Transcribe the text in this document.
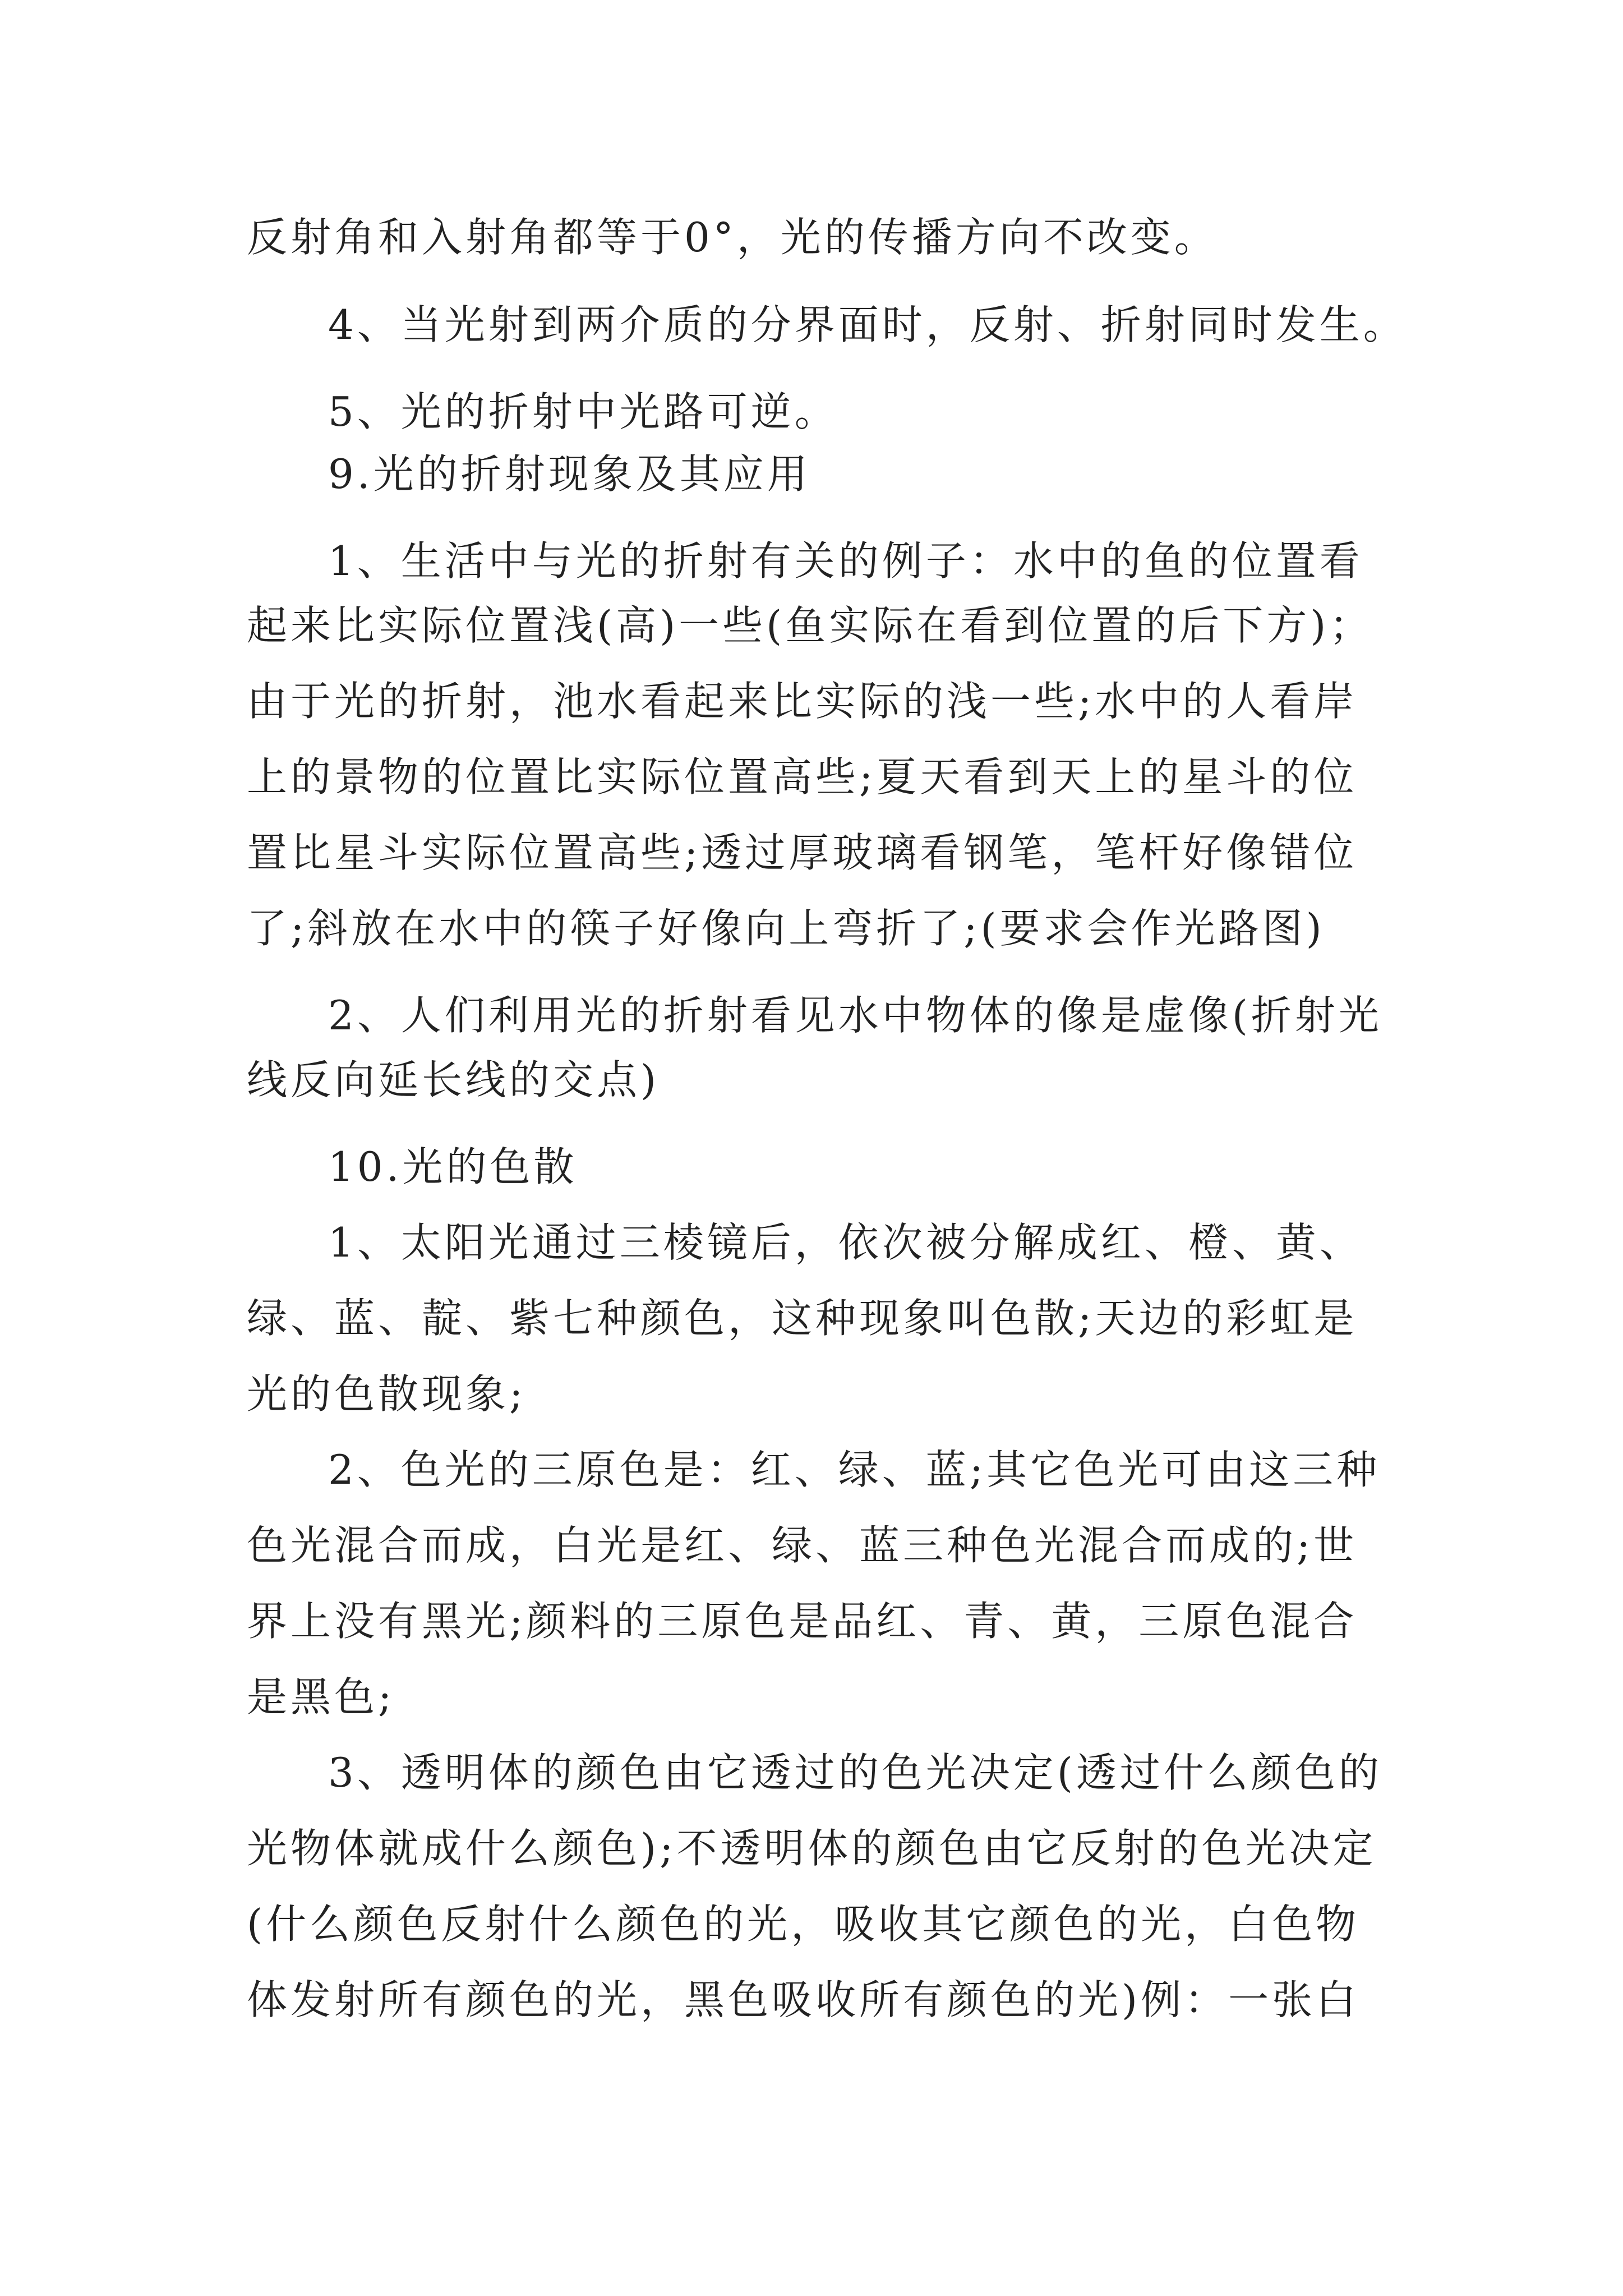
反射角和入射角都等于0°，光的传播方向不改变。
4、当光射到两介质的分界面时，反射、折射同时发生。
5、光的折射中光路可逆。
9.光的折射现象及其应用
1、生活中与光的折射有关的例子：水中的鱼的位置看
起来比实际位置浅(高)一些(鱼实际在看到位置的后下方)；
由于光的折射，池水看起来比实际的浅一些;水中的人看岸
上的景物的位置比实际位置高些;夏天看到天上的星斗的位
置比星斗实际位置高些;透过厚玻璃看钢笔，笔杆好像错位
了;斜放在水中的筷子好像向上弯折了;(要求会作光路图)
2、人们利用光的折射看见水中物体的像是虚像(折射光
线反向延长线的交点)
10.光的色散
1、太阳光通过三棱镜后，依次被分解成红、橙、黄、
绿、蓝、靛、紫七种颜色，这种现象叫色散;天边的彩虹是
光的色散现象;
2、色光的三原色是：红、绿、蓝;其它色光可由这三种
色光混合而成，白光是红、绿、蓝三种色光混合而成的;世
界上没有黑光;颜料的三原色是品红、青、黄，三原色混合
是黑色;
3、透明体的颜色由它透过的色光决定(透过什么颜色的
光物体就成什么颜色);不透明体的颜色由它反射的色光决定
(什么颜色反射什么颜色的光，吸收其它颜色的光，白色物
体发射所有颜色的光，黑色吸收所有颜色的光)例：一张白
